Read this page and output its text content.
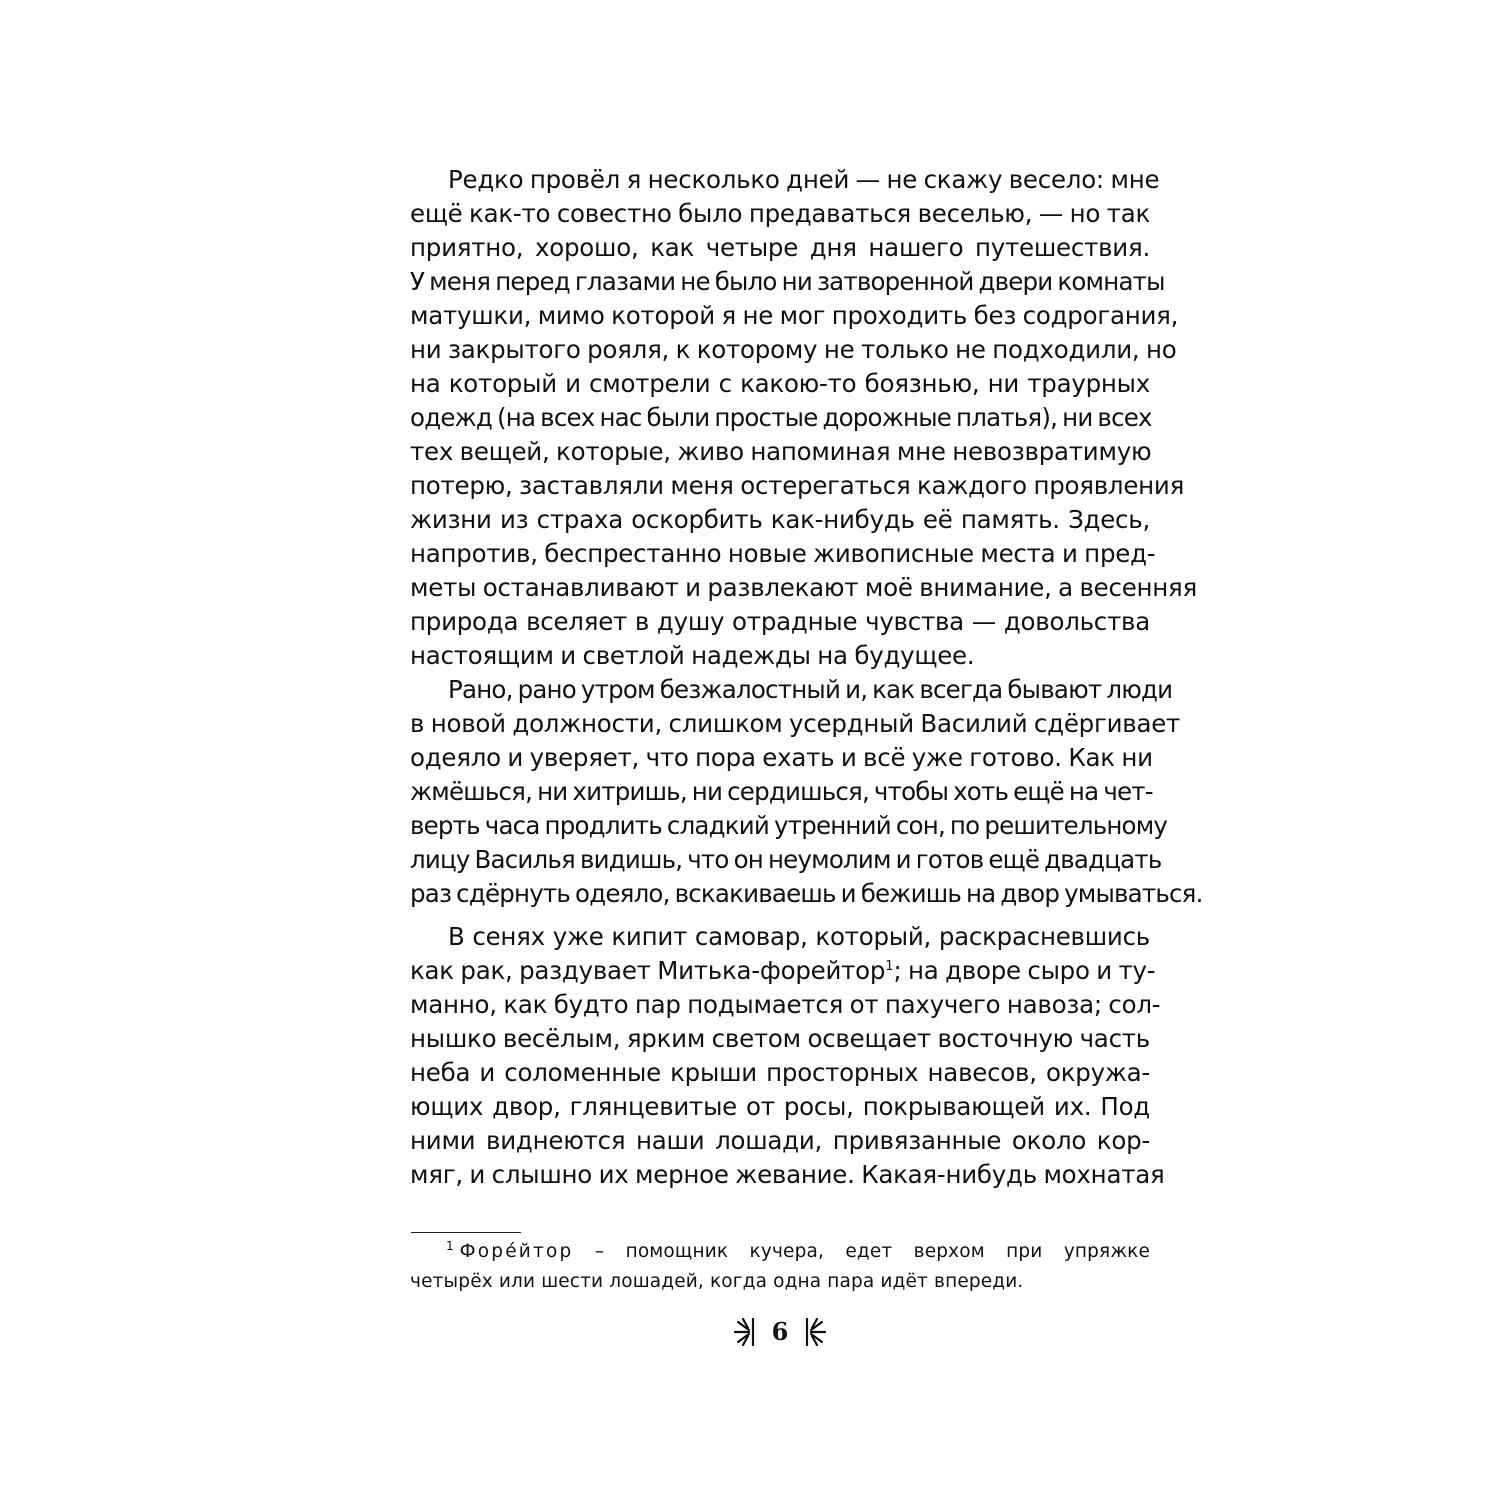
Редко провёл я несколько дней — не скажу весело: мне
ещё как-то совестно было предаваться веселью, — но так
приятно, хорошо, как четыре дня нашего путешествия.
У меня перед глазами не было ни затворенной двери комнаты
матушки, мимо которой я не мог проходить без содрогания,
ни закрытого рояля, к которому не только не подходили, но
на который и смотрели с какою-то боязнью, ни траурных
одежд (на всех нас были простые дорожные платья), ни всех
тех вещей, которые, живо напоминая мне невозвратимую
потерю, заставляли меня остерегаться каждого проявления
жизни из страха оскорбить как-нибудь её память. Здесь,
напротив, беспрестанно новые живописные места и пред-
меты останавливают и развлекают моё внимание, а весенняя
природа вселяет в душу отрадные чувства — довольства
настоящим и светлой надежды на будущее.
Рано, рано утром безжалостный и, как всегда бывают люди
в новой должности, слишком усердный Василий сдёргивает
одеяло и уверяет, что пора ехать и всё уже готово. Как ни
жмёшься, ни хитришь, ни сердишься, чтобы хоть ещё на чет-
верть часа продлить сладкий утренний сон, по решительному
лицу Василья видишь, что он неумолим и готов ещё двадцать
раз сдёрнуть одеяло, вскакиваешь и бежишь на двор умываться.
В сенях уже кипит самовар, который, раскрасневшись
как рак, раздувает Митька-форейтор$^1$; на дворе сыро и ту-
манно, как будто пар подымается от пахучего навоза; сол-
нышко весёлым, ярким светом освещает восточную часть
неба и соломенные крыши просторных навесов, окружа-
ющих двор, глянцевитые от росы, покрывающей их. Под
ними виднеются наши лошади, привязанные около кор-
мяг, и слышно их мерное жевание. Какая-нибудь мохнатая
$^1$ Форе́йтор – помощник кучера, едет верхом при упряжке
четырёх или шести лошадей, когда одна пара идёт впереди.
6
